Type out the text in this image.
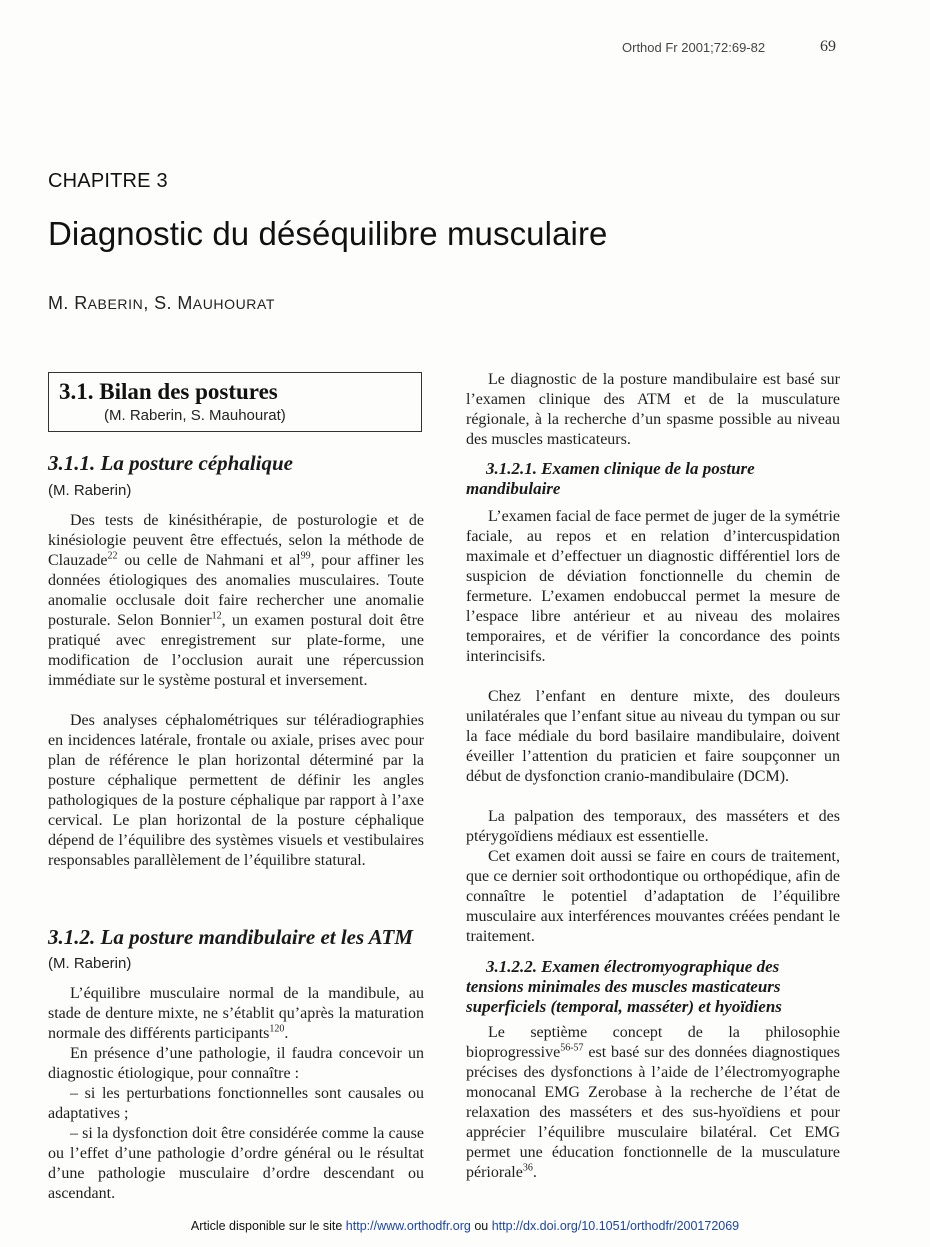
Orthod Fr 2001;72:69-82	69
CHAPITRE 3
Diagnostic du déséquilibre musculaire
M. RABERIN, S. MAUHOURAT
3.1. Bilan des postures
(M. Raberin, S. Mauhourat)
3.1.1. La posture céphalique
(M. Raberin)

Des tests de kinésithérapie, de posturologie et de kinésiologie peuvent être effectués, selon la méthode de Clauzade$^{22}$ ou celle de Nahmani et $al^{99}$, pour affiner les données étiologiques des anomalies musculaires. Toute anomalie occlusale doit faire rechercher une anomalie posturale. Selon Bonnier$^{12}$, un examen postural doit être pratiqué avec enregistrement sur plate-forme, une modification de l’occlusion aurait une répercussion immédiate sur le système postural et inversement.

Des analyses céphalométriques sur téléradiographies en incidences latérale, frontale ou axiale, prises avec pour plan de référence le plan horizontal déterminé par la posture céphalique permettent de définir les angles pathologiques de la posture céphalique par rapport à l’axe cervical. Le plan horizontal de la posture céphalique dépend de l’équilibre des systèmes visuels et vestibulaires responsables parallèlement de l’équilibre statural.

3.1.2. La posture mandibulaire et les ATM
(M. Raberin)

L’équilibre musculaire normal de la mandibule, au stade de denture mixte, ne s’établit qu’après la maturation normale des différents participants$^{120}$.

En présence d’une pathologie, il faudra concevoir un diagnostic étiologique, pour connaître :

– si les perturbations fonctionnelles sont causales ou adaptatives ;

– si la dysfonction doit être considérée comme la cause ou l’effet d’une pathologie d’ordre général ou le résultat d’une pathologie musculaire d’ordre descendant ou ascendant.

Le diagnostic de la posture mandibulaire est basé sur l’examen clinique des ATM et de la musculature régionale, à la recherche d’un spasme possible au niveau des muscles masticateurs.

3.1.2.1. Examen clinique de la posture mandibulaire

L’examen facial de face permet de juger de la symétrie faciale, au repos et en relation d’intercuspidation maximale et d’effectuer un diagnostic différentiel lors de suspicion de déviation fonctionnelle du chemin de fermeture. L’examen endobuccal permet la mesure de l’espace libre antérieur et au niveau des molaires temporaires, et de vérifier la concordance des points interincisifs.

Chez l’enfant en denture mixte, des douleurs unilatérales que l’enfant situe au niveau du tympan ou sur la face médiale du bord basilaire mandibulaire, doivent éveiller l’attention du praticien et faire soupçonner un début de dysfonction cranio-mandibulaire (DCM).

La palpation des temporaux, des masséters et des ptérygoïdiens médiaux est essentielle.

Cet examen doit aussi se faire en cours de traitement, que ce dernier soit orthodontique ou orthopédique, afin de connaître le potentiel d’adaptation de l’équilibre musculaire aux interférences mouvantes créées pendant le traitement.

3.1.2.2. Examen électromyographique des tensions minimales des muscles masticateurs superficiels (temporal, masséter) et hyoïdiens

Le septième concept de la philosophie bioprogressive$^{56-57}$ est basé sur des données diagnostiques précises des dysfonctions à l’aide de l’électromyographe monocanal EMG Zerobase à la recherche de l’état de relaxation des masséters et des sus-hyoïdiens et pour apprécier l’équilibre musculaire bilatéral. Cet EMG permet une éducation fonctionnelle de la musculature périorale$^{36}$.

Article disponible sur le site http://www.orthodfr.org ou http://dx.doi.org/10.1051/orthodfr/200172069
